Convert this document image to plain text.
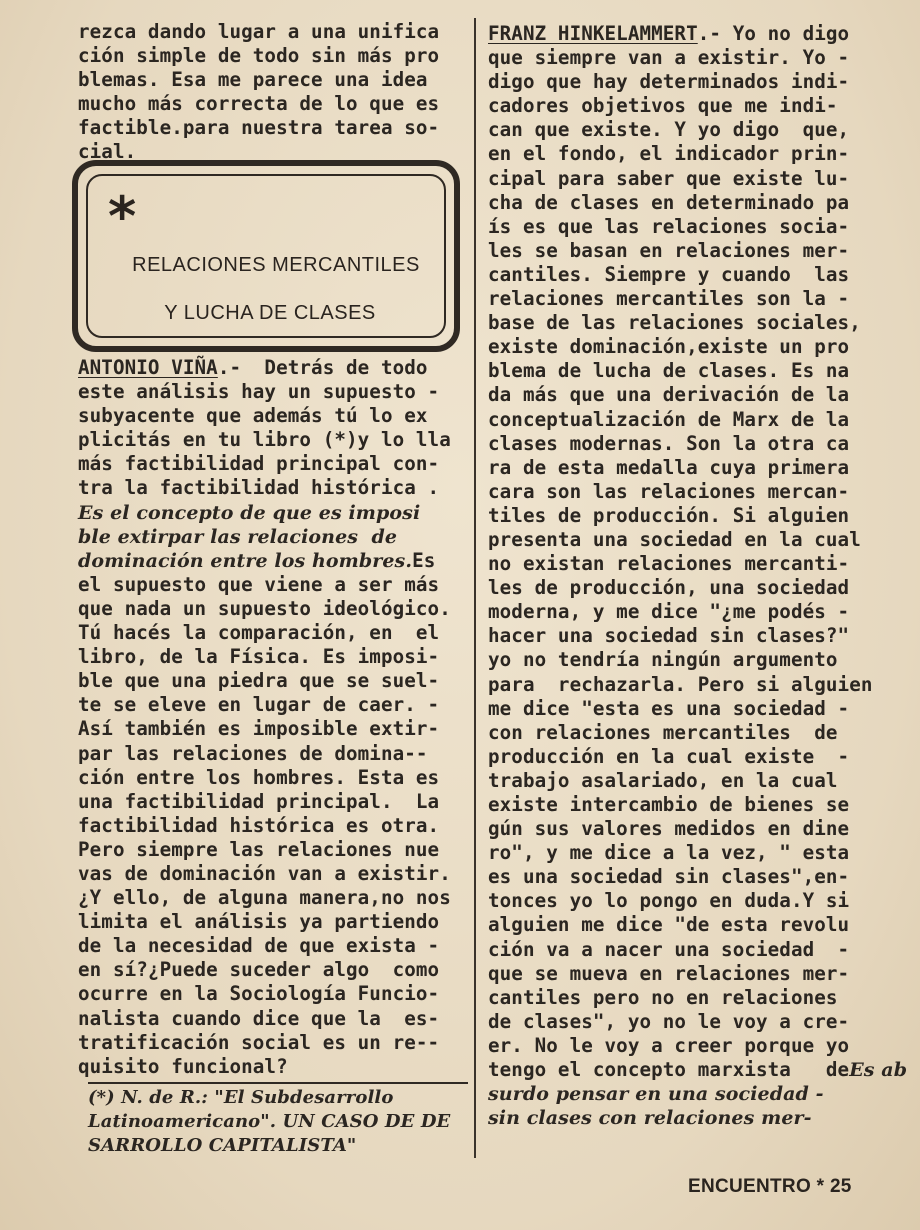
rezca dando lugar a una unifica
ción simple de todo sin más pro
blemas. Esa me parece una idea
mucho más correcta de lo que es
factible.para nuestra tarea so-
cial.
*
RELACIONES MERCANTILES
Y LUCHA DE CLASES
ANTONIO VIÑA.-  Detrás de todo
este análisis hay un supuesto -
subyacente que además tú lo ex
plicitás en tu libro (*)y lo lla
más factibilidad principal con-
tra la factibilidad histórica .
Es el concepto de que es imposi
ble extirpar las relaciones  de
dominación entre los hombres.Es
el supuesto que viene a ser más
que nada un supuesto ideológico.
Tú hacés la comparación, en  el
libro, de la Física. Es imposi-
ble que una piedra que se suel-
te se eleve en lugar de caer. -
Así también es imposible extir-
par las relaciones de domina--
ción entre los hombres. Esta es
una factibilidad principal.  La
factibilidad histórica es otra.
Pero siempre las relaciones nue
vas de dominación van a existir.
¿Y ello, de alguna manera,no nos
limita el análisis ya partiendo
de la necesidad de que exista -
en sí?¿Puede suceder algo  como
ocurre en la Sociología Funcio-
nalista cuando dice que la  es-
tratificación social es un re--
quisito funcional?
(*) N. de R.: "El Subdesarrollo
Latinoamericano". UN CASO DE DE
SARROLLO CAPITALISTA"
FRANZ HINKELAMMERT.- Yo no digo
que siempre van a existir. Yo -
digo que hay determinados indi-
cadores objetivos que me indi-
can que existe. Y yo digo  que,
en el fondo, el indicador prin-
cipal para saber que existe lu-
cha de clases en determinado pa
ís es que las relaciones socia-
les se basan en relaciones mer-
cantiles. Siempre y cuando  las
relaciones mercantiles son la -
base de las relaciones sociales,
existe dominación,existe un pro
blema de lucha de clases. Es na
da más que una derivación de la
conceptualización de Marx de la
clases modernas. Son la otra ca
ra de esta medalla cuya primera
cara son las relaciones mercan-
tiles de producción. Si alguien
presenta una sociedad en la cual
no existan relaciones mercanti-
les de producción, una sociedad
moderna, y me dice "¿me podés -
hacer una sociedad sin clases?"
yo no tendría ningún argumento
para  rechazarla. Pero si alguien
me dice "esta es una sociedad -
con relaciones mercantiles  de
producción en la cual existe  -
trabajo asalariado, en la cual
existe intercambio de bienes se
gún sus valores medidos en dine
ro", y me dice a la vez, " esta
es una sociedad sin clases",en-
tonces yo lo pongo en duda.Y si
alguien me dice "de esta revolu
ción va a nacer una sociedad  -
que se mueva en relaciones mer-
cantiles pero no en relaciones
de clases", yo no le voy a cre-
er. No le voy a creer porque yo
tengo el concepto marxista   deEs ab
surdo pensar en una sociedad -
sin clases con relaciones mer-
ENCUENTRO * 25
